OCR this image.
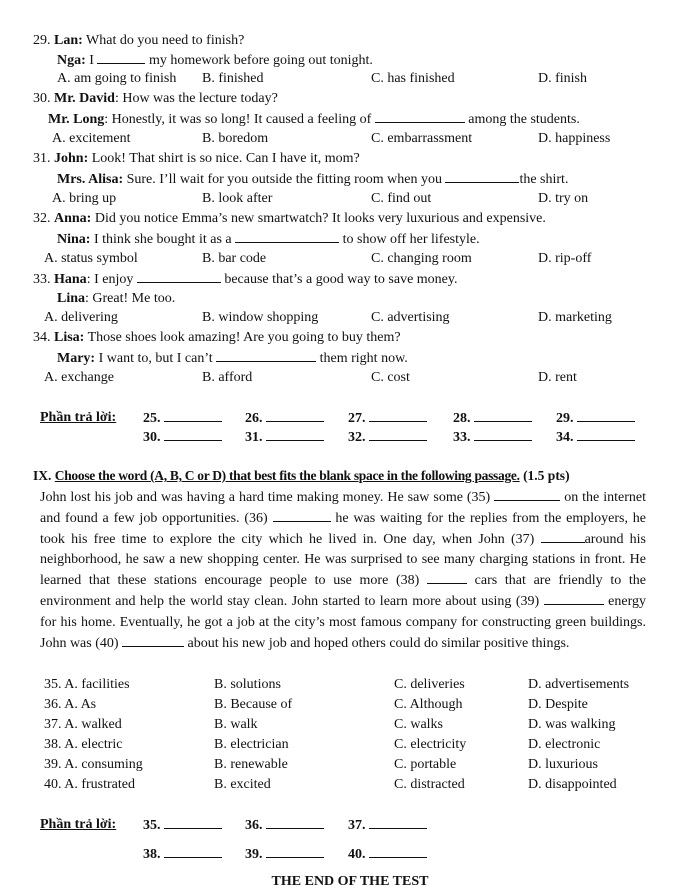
29. Lan: What do you need to finish?
Nga: I	my homework before going out tonight.
A. am going to finish B. finished	C. has finished	D. finish
30. Mr. David: How was the lecture today?
Mr. Long: Honestly, it was so long! It caused a feeling of	among the students.
A. excitement	B. boredom	C. embarrassment	D. happiness
31. John: Look! That shirt is so nice. Can I have it, mom?
Mrs. Alisa: Sure. I’ll wait for you outside the fitting room when you	the shirt.
A. bring up	B. look after	C. find out	D. try on
32. Anna: Did you notice Emma’s new smartwatch? It looks very luxurious and expensive.
Nina: I think she bought it as a	to show off her lifestyle.
A. status symbol	B. bar code	C. changing room	D. rip-off
33. Hana: I enjoy	because that’s a good way to save money.
Lina: Great! Me too.
A. delivering	B. window shopping	C. advertising	D. marketing
34. Lisa: Those shoes look amazing! Are you going to buy them?
Mary: I want to, but I can’t	them right now.
A. exchange	B. afford	C. cost	D. rent
Phần trả lời: 25.	26.	27.	28.	29.
30.	31.	32.	33.	34.
IX. Choose the word (A, B, C or D) that best fits the blank space in the following passage. (1.5 pts)
John lost his job and was having a hard time making money. He saw some (35)	on the internet and found a few job opportunities. (36)	he was waiting for the replies from the employers, he took his free time to explore the city which he lived in. One day, when John (37)	around his neighborhood, he saw a new shopping center. He was surprised to see many charging stations in front. He learned that these stations encourage people to use more (38)	cars that are friendly to the environment and help the world stay clean. John started to learn more about using (39)	energy for his home. Eventually, he got a job at the city’s most famous company for constructing green buildings. John was (40)	about his new job and hoped others could do similar positive things.
35. A. facilities	B. solutions	C. deliveries	D. advertisements
36. A. As	B. Because of	C. Although	D. Despite
37. A. walked	B. walk	C. walks	D. was walking
38. A. electric	B. electrician	C. electricity	D. electronic
39. A. consuming	B. renewable	C. portable	D. luxurious
40. A. frustrated	B. excited	C. distracted	D. disappointed
Phần trả lời: 35.	36.	37.
38.	39.	40.
THE END OF THE TEST
